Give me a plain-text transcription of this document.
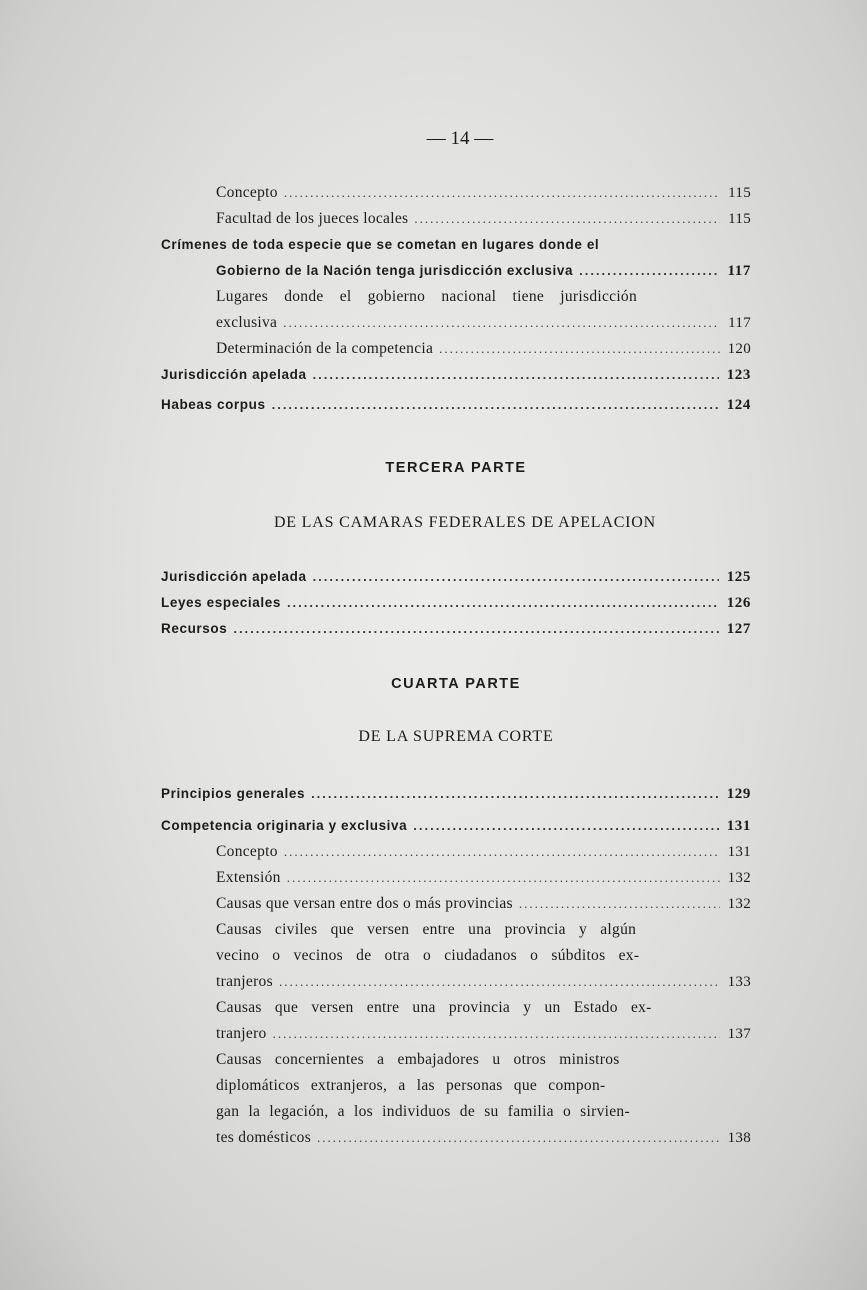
— 14 —
Concepto .....	115
Facultad de los jueces locales .....	115
Crímenes de toda especie que se cometan en lugares donde el
Gobierno de la Nación tenga jurisdicción exclusiva .....	117
Lugares donde el gobierno nacional tiene jurisdicción
exclusiva .....	117
Determinación de la competencia .....	120
Jurisdicción apelada .....	123
Habeas corpus .....	124

TERCERA PARTE

DE LAS CAMARAS FEDERALES DE APELACION

Jurisdicción apelada .....	125
Leyes especiales .....	126
Recursos .....	127

CUARTA PARTE

DE LA SUPREMA CORTE

Principios generales .....	129
Competencia originaria y exclusiva .....	131
Concepto .....	131
Extensión .....	132
Causas que versan entre dos o más provincias .....	132
Causas civiles que versen entre una provincia y algún
vecino o vecinos de otra o ciudadanos o súbditos ex-
tranjeros .....	133
Causas que versen entre una provincia y un Estado ex-
tranjero .....	137
Causas concernientes a embajadores u otros ministros
diplomáticos extranjeros, a las personas que compon-
gan la legación, a los individuos de su familia o sirvien-
tes domésticos .....	138
